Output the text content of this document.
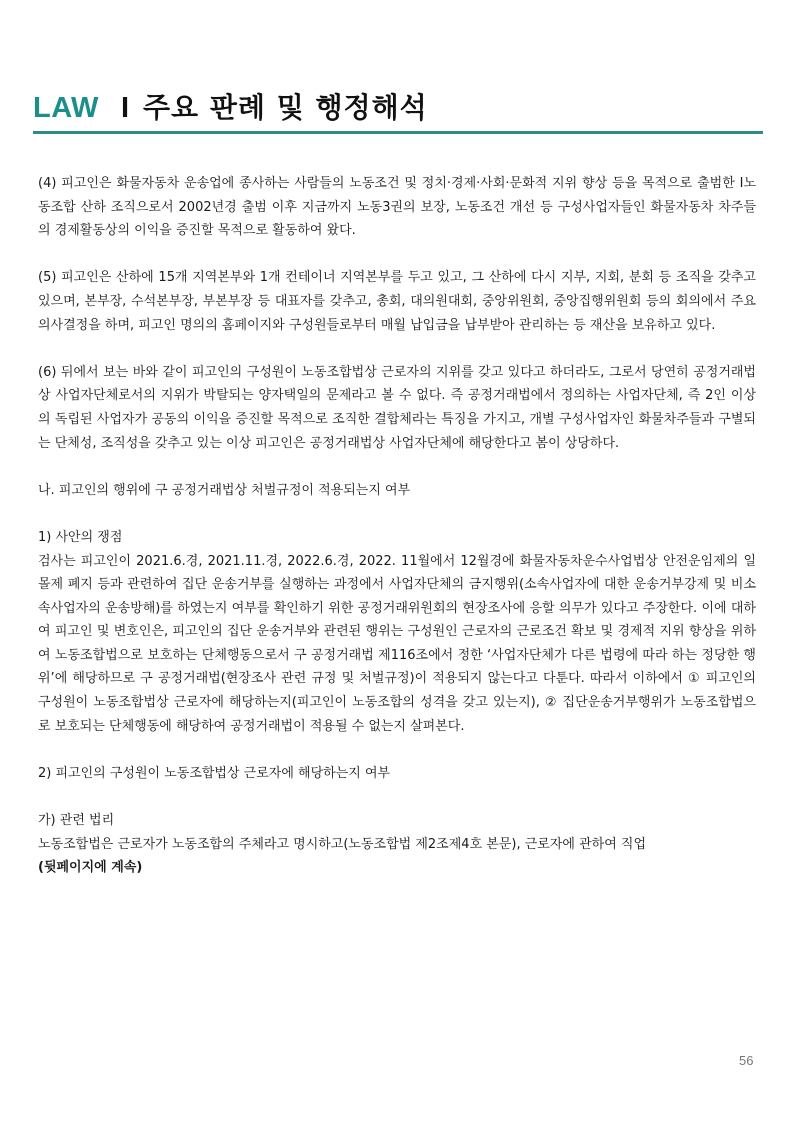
LAW I 주요 판례 및 행정해석

(4) 피고인은 화물자동차 운송업에 종사하는 사람들의 노동조건 및 정치·경제·사회·문화적 지위 향상 등을 목적으로 출범한 I노동조합 산하 조직으로서 2002년경 출범 이후 지금까지 노동3권의 보장, 노동조건 개선 등 구성사업자들인 화물자동차 차주들의 경제활동상의 이익을 증진할 목적으로 활동하여 왔다.

(5) 피고인은 산하에 15개 지역본부와 1개 컨테이너 지역본부를 두고 있고, 그 산하에 다시 지부, 지회, 분회 등 조직을 갖추고 있으며, 본부장, 수석본부장, 부본부장 등 대표자를 갖추고, 총회, 대의원대회, 중앙위원회, 중앙집행위원회 등의 회의에서 주요 의사결정을 하며, 피고인 명의의 홈페이지와 구성원들로부터 매월 납입금을 납부받아 관리하는 등 재산을 보유하고 있다.

(6) 뒤에서 보는 바와 같이 피고인의 구성원이 노동조합법상 근로자의 지위를 갖고 있다고 하더라도, 그로서 당연히 공정거래법상 사업자단체로서의 지위가 박탈되는 양자택일의 문제라고 볼 수 없다. 즉 공정거래법에서 정의하는 사업자단체, 즉 2인 이상의 독립된 사업자가 공동의 이익을 증진할 목적으로 조직한 결합체라는 특징을 가지고, 개별 구성사업자인 화물차주들과 구별되는 단체성, 조직성을 갖추고 있는 이상 피고인은 공정거래법상 사업자단체에 해당한다고 봄이 상당하다.

나. 피고인의 행위에 구 공정거래법상 처벌규정이 적용되는지 여부

1) 사안의 쟁점

검사는 피고인이 2021.6.경, 2021.11.경, 2022.6.경, 2022. 11월에서 12월경에 화물자동차운수사업법상 안전운임제의 일몰제 폐지 등과 관련하여 집단 운송거부를 실행하는 과정에서 사업자단체의 금지행위(소속사업자에 대한 운송거부강제 및 비소속사업자의 운송방해)를 하였는지 여부를 확인하기 위한 공정거래위원회의 현장조사에 응할 의무가 있다고 주장한다. 이에 대하여 피고인 및 변호인은, 피고인의 집단 운송거부와 관련된 행위는 구성원인 근로자의 근로조건 확보 및 경제적 지위 향상을 위하여 노동조합법으로 보호하는 단체행동으로서 구 공정거래법 제116조에서 정한 ‘사업자단체가 다른 법령에 따라 하는 정당한 행위’에 해당하므로 구 공정거래법(현장조사 관련 규정 및 처벌규정)이 적용되지 않는다고 다툰다. 따라서 이하에서 ① 피고인의 구성원이 노동조합법상 근로자에 해당하는지(피고인이 노동조합의 성격을 갖고 있는지), ② 집단운송거부행위가 노동조합법으로 보호되는 단체행동에 해당하여 공정거래법이 적용될 수 없는지 살펴본다.

2) 피고인의 구성원이 노동조합법상 근로자에 해당하는지 여부

가) 관련 법리

노동조합법은 근로자가 노동조합의 주체라고 명시하고(노동조합법 제2조제4호 본문), 근로자에 관하여 직업

(뒷페이지에 계속)

56
